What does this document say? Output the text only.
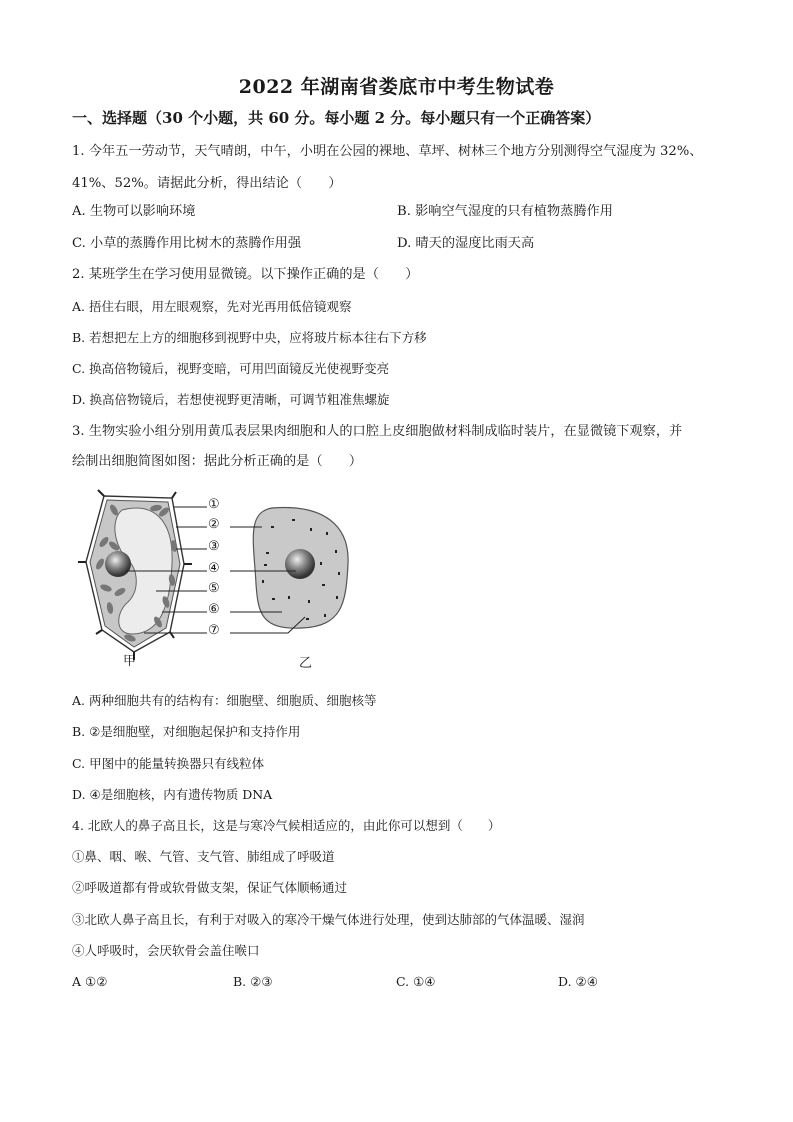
2022 年湖南省娄底市中考生物试卷
一、选择题（30 个小题，共 60 分。每小题 2 分。每小题只有一个正确答案）
1. 今年五一劳动节，天气晴朗，中午，小明在公园的裸地、草坪、树林三个地方分别测得空气湿度为 32%、
41%、52%。请据此分析，得出结论（　　）
A. 生物可以影响环境	B. 影响空气湿度的只有植物蒸腾作用
C. 小草的蒸腾作用比树木的蒸腾作用强	D. 晴天的湿度比雨天高
2. 某班学生在学习使用显微镜。以下操作正确的是（　　）
A. 捂住右眼，用左眼观察，先对光再用低倍镜观察
B. 若想把左上方的细胞移到视野中央，应将玻片标本往右下方移
C. 换高倍物镜后，视野变暗，可用凹面镜反光使视野变亮
D. 换高倍物镜后，若想使视野更清晰，可调节粗准焦螺旋
3. 生物实验小组分别用黄瓜表层果肉细胞和人的口腔上皮细胞做材料制成临时装片，在显微镜下观察，并
绘制出细胞简图如图：据此分析正确的是（　　）
①
②
③
④
⑤
⑥
⑦
甲	乙
A. 两种细胞共有的结构有：细胞壁、细胞质、细胞核等
B. ②是细胞壁，对细胞起保护和支持作用
C. 甲图中的能量转换器只有线粒体
D. ④是细胞核，内有遗传物质 DNA
4. 北欧人的鼻子高且长，这是与寒冷气候相适应的，由此你可以想到（　　）
①鼻、咽、喉、气管、支气管、肺组成了呼吸道
②呼吸道都有骨或软骨做支架，保证气体顺畅通过
③北欧人鼻子高且长，有利于对吸入的寒冷干燥气体进行处理，使到达肺部的气体温暖、湿润
④人呼吸时，会厌软骨会盖住喉口
A ①②	B. ②③	C. ①④	D. ②④
